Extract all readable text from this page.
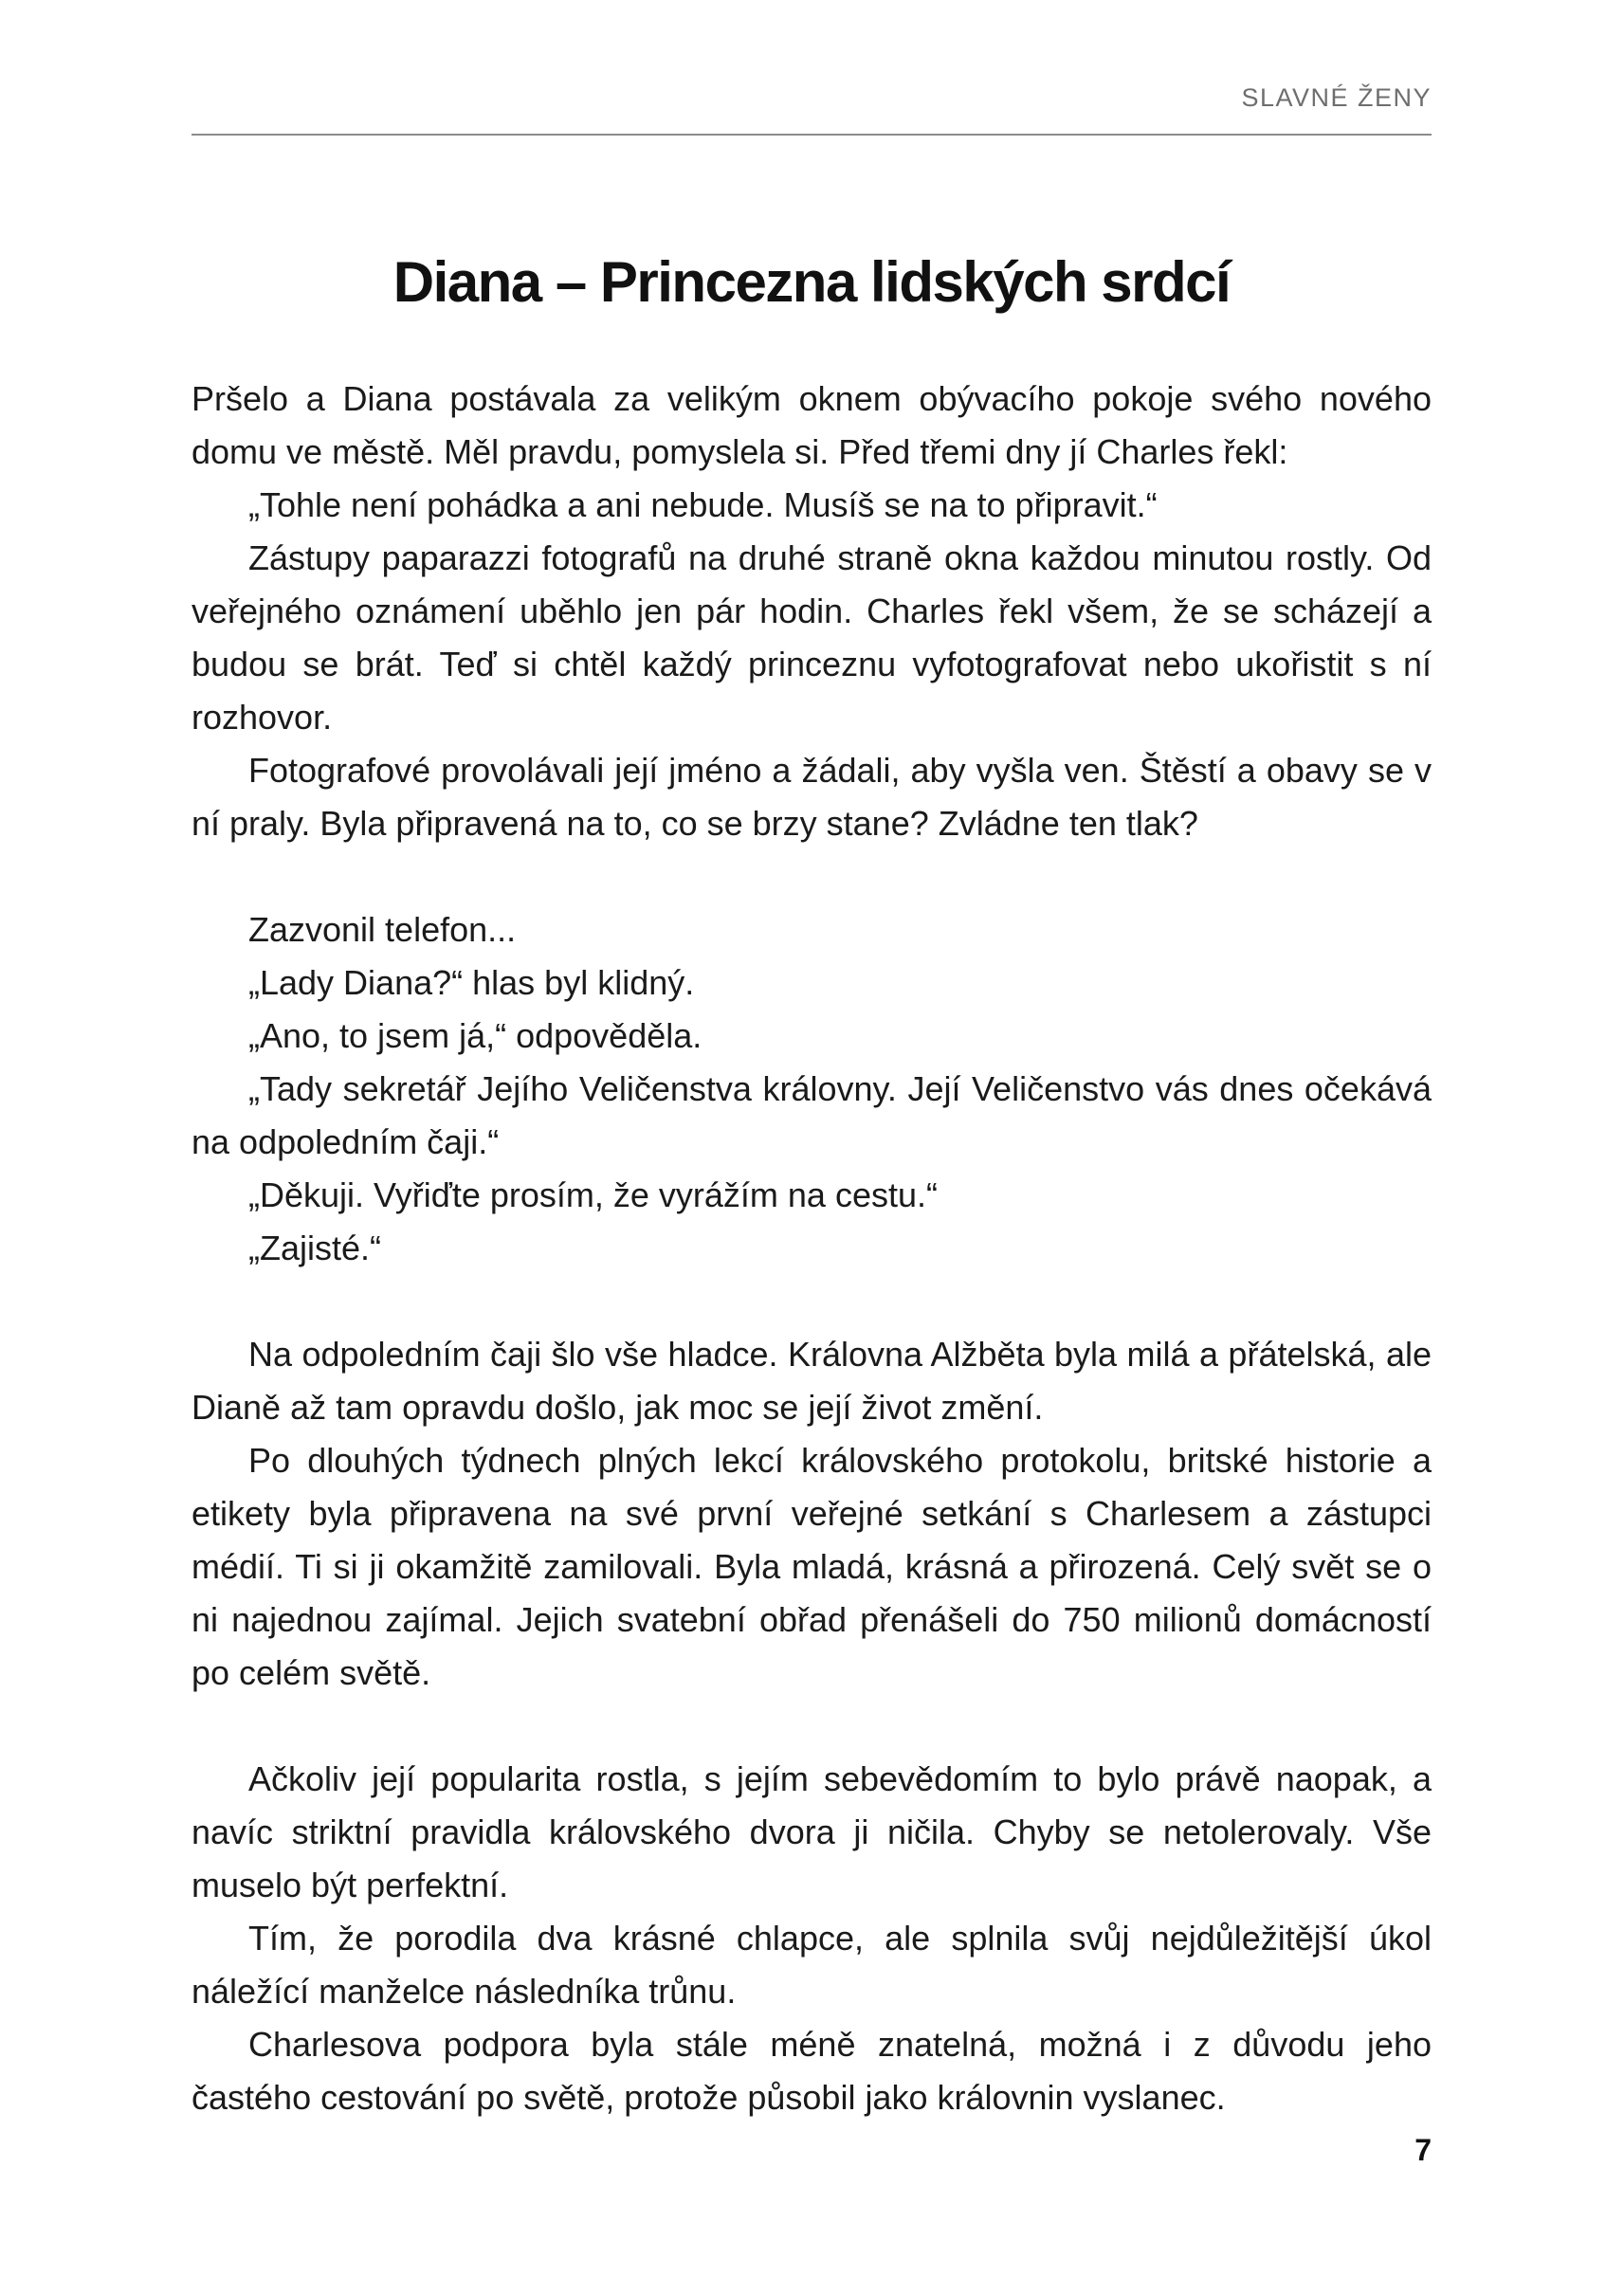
SLAVNÉ ŽENY
Diana – Princezna lidských srdcí

Pršelo a Diana postávala za velikým oknem obývacího pokoje svého nového domu ve městě. Měl pravdu, pomyslela si. Před třemi dny jí Charles řekl:

„Tohle není pohádka a ani nebude. Musíš se na to připravit.“

Zástupy paparazzi fotografů na druhé straně okna každou minutou rostly. Od veřejného oznámení uběhlo jen pár hodin. Charles řekl všem, že se scházejí a budou se brát. Teď si chtěl každý princeznu vyfotografovat nebo ukořistit s ní rozhovor.

Fotografové provolávali její jméno a žádali, aby vyšla ven. Štěstí a obavy se v ní praly. Byla připravená na to, co se brzy stane? Zvládne ten tlak?

Zazvonil telefon...

„Lady Diana?“ hlas byl klidný.

„Ano, to jsem já,“ odpověděla.

„Tady sekretář Jejího Veličenstva královny. Její Veličenstvo vás dnes očekává na odpoledním čaji.“

„Děkuji. Vyřiďte prosím, že vyrážím na cestu.“

„Zajisté.“

Na odpoledním čaji šlo vše hladce. Královna Alžběta byla milá a přátelská, ale Dianě až tam opravdu došlo, jak moc se její život změní.

Po dlouhých týdnech plných lekcí královského protokolu, britské historie a etikety byla připravena na své první veřejné setkání s Charlesem a zástupci médií. Ti si ji okamžitě zamilovali. Byla mladá, krásná a přirozená. Celý svět se o ni najednou zajímal. Jejich svatební obřad přenášeli do 750 milionů domácností po celém světě.

Ačkoliv její popularita rostla, s jejím sebevědomím to bylo právě naopak, a navíc striktní pravidla královského dvora ji ničila. Chyby se netolerovaly. Vše muselo být perfektní.

Tím, že porodila dva krásné chlapce, ale splnila svůj nejdůležitější úkol náležící manželce následníka trůnu.

Charlesova podpora byla stále méně znatelná, možná i z důvodu jeho častého cestování po světě, protože působil jako královnin vyslanec.

7
